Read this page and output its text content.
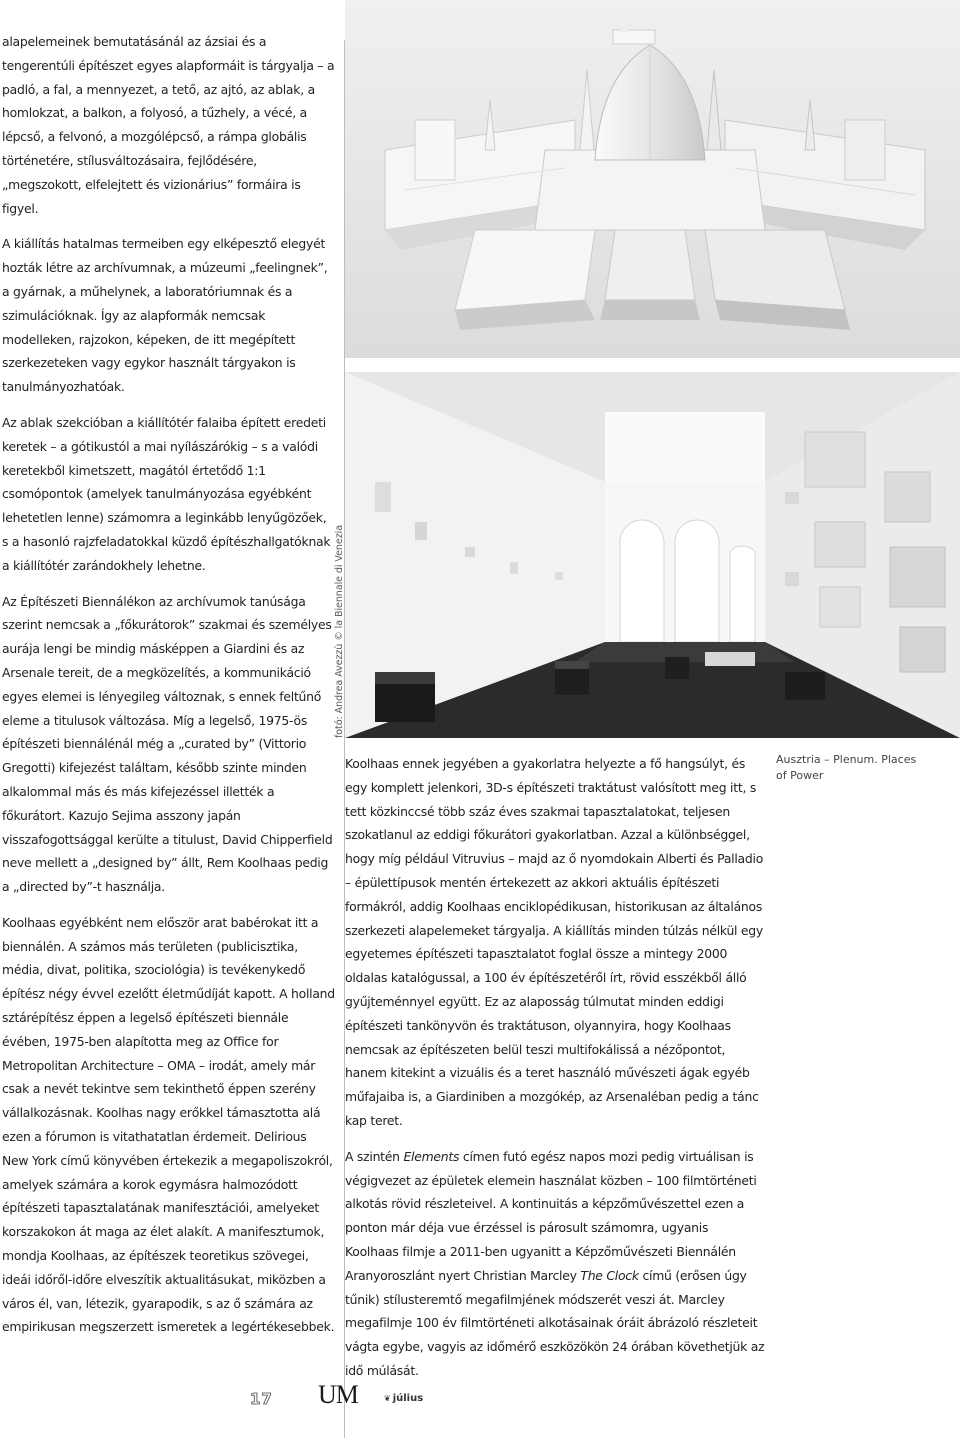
alapelemeinek bemutatásánál az ázsiai és a tengerentúli építészet egyes alapformáit is tárgyalja – a padló, a fal, a mennyezet, a tető, az ajtó, az ablak, a homlokzat, a balkon, a folyosó, a tűzhely, a vécé, a lépcső, a felvonó, a mozgólépcső, a rámpa globális történetére, stílusváltozásaira, fejlődésére, „megszokott, elfelejtett és vizionárius” formáira is figyel.

A kiállítás hatalmas termeiben egy elképesztő elegyét hozták létre az archívumnak, a múzeumi „feelingnek”, a gyárnak, a műhelynek, a laboratóriumnak és a szimulációknak. Így az alapformák nemcsak modelleken, rajzokon, képeken, de itt megépített szerkezeteken vagy egykor használt tárgyakon is tanulmányozhatóak.

Az ablak szekcióban a kiállítótér falaiba épített eredeti keretek – a gótikustól a mai nyílászárókig – s a valódi keretekből kimetszett, magától értetődő 1:1 csomópontok (amelyek tanulmányozása egyébként lehetetlen lenne) számomra a leginkább lenyűgözőek, s a hasonló rajzfeladatokkal küzdő építészhallgatóknak a kiállítótér zarándokhely lehetne.

Az Építészeti Biennálékon az archívumok tanúsága szerint nemcsak a „főkurátorok” szakmai és személyes aurája lengi be mindig másképpen a Giardini és az Arsenale tereit, de a megközelítés, a kommunikáció egyes elemei is lényegileg változnak, s ennek feltűnő eleme a titulusok változása. Míg a legelső, 1975-ös építészeti biennálénál még a „curated by” (Vittorio Gregotti) kifejezést találtam, később szinte minden alkalommal más és más kifejezéssel illették a főkurátort. Kazujo Sejima asszony japán visszafogottsággal kerülte a titulust, David Chipperfield neve mellett a „designed by” állt, Rem Koolhaas pedig a „directed by”-t használja.

Koolhaas egyébként nem először arat babérokat itt a biennálén. A számos más területen (publicisztika, média, divat, politika, szociológia) is tevékenykedő építész négy évvel ezelőtt életműdíját kapott. A holland sztárépítész éppen a legelső építészeti biennále évében, 1975-ben alapította meg az Office for Metropolitan Architecture – OMA – irodát, amely már csak a nevét tekintve sem tekinthető éppen szerény vállalkozásnak. Koolhas nagy erőkkel támasztotta alá ezen a fórumon is vitathatatlan érdemeit. Delirious New York című könyvében értekezik a megapoliszokról, amelyek számára a korok egymásra halmozódott építészeti tapasztalatának manifesztációi, amelyeket korszakokon át maga az élet alakít. A manifesztumok, mondja Koolhaas, az építészek teoretikus szövegei, ideái időről-időre elveszítik aktualitásukat, miközben a város él, van, létezik, gyarapodik, s az ő számára az empirikusan megszerzett ismeretek a legértékesebbek.

fotó: Andrea Avezzù © la Biennale di Venezia

Koolhaas ennek jegyében a gyakorlatra helyezte a fő hangsúlyt, és egy komplett jelenkori, 3D-s építészeti traktátust valósított meg itt, s tett közkinccsé több száz éves szakmai tapasztalatokat, teljesen szokatlanul az eddigi főkurátori gyakorlatban. Azzal a különbséggel, hogy míg például Vitruvius – majd az ő nyomdokain Alberti és Palladio – épülettípusok mentén értekezett az akkori aktuális építészeti formákról, addig Koolhaas enciklopédikusan, historikusan az általános szerkezeti alapelemeket tárgyalja. A kiállítás minden túlzás nélkül egy egyetemes építészeti tapasztalatot foglal össze a mintegy 2000 oldalas katalógussal, a 100 év építészetéről írt, rövid esszékből álló gyűjteménnyel együtt. Ez az alaposság túlmutat minden eddigi építészeti tankönyvön és traktátuson, olyannyira, hogy Koolhaas nemcsak az építészeten belül teszi multifokálissá a nézőpontot, hanem kitekint a vizuális és a teret használó művészeti ágak egyéb műfajaiba is, a Giardiniben a mozgókép, az Arsenaléban pedig a tánc kap teret.

A szintén Elements címen futó egész napos mozi pedig virtuálisan is végigvezet az épületek elemein használat közben – 100 filmtörténeti alkotás rövid részleteivel. A kontinuitás a képzőművészettel ezen a ponton már déja vue érzéssel is párosult számomra, ugyanis Koolhaas filmje a 2011-ben ugyanitt a Képzőművészeti Biennálén Aranyoroszlánt nyert Christian Marcley The Clock című (erősen úgy tűnik) stílusteremtő megafilmjének módszerét veszi át. Marcley megafilmje 100 év filmtörténeti alkotásainak óráit ábrázoló részleteit vágta egybe, vagyis az időmérő eszközökön 24 órában követhetjük az idő múlását.

Ausztria – Plenum. Places of Power
17 UM	❦ július
